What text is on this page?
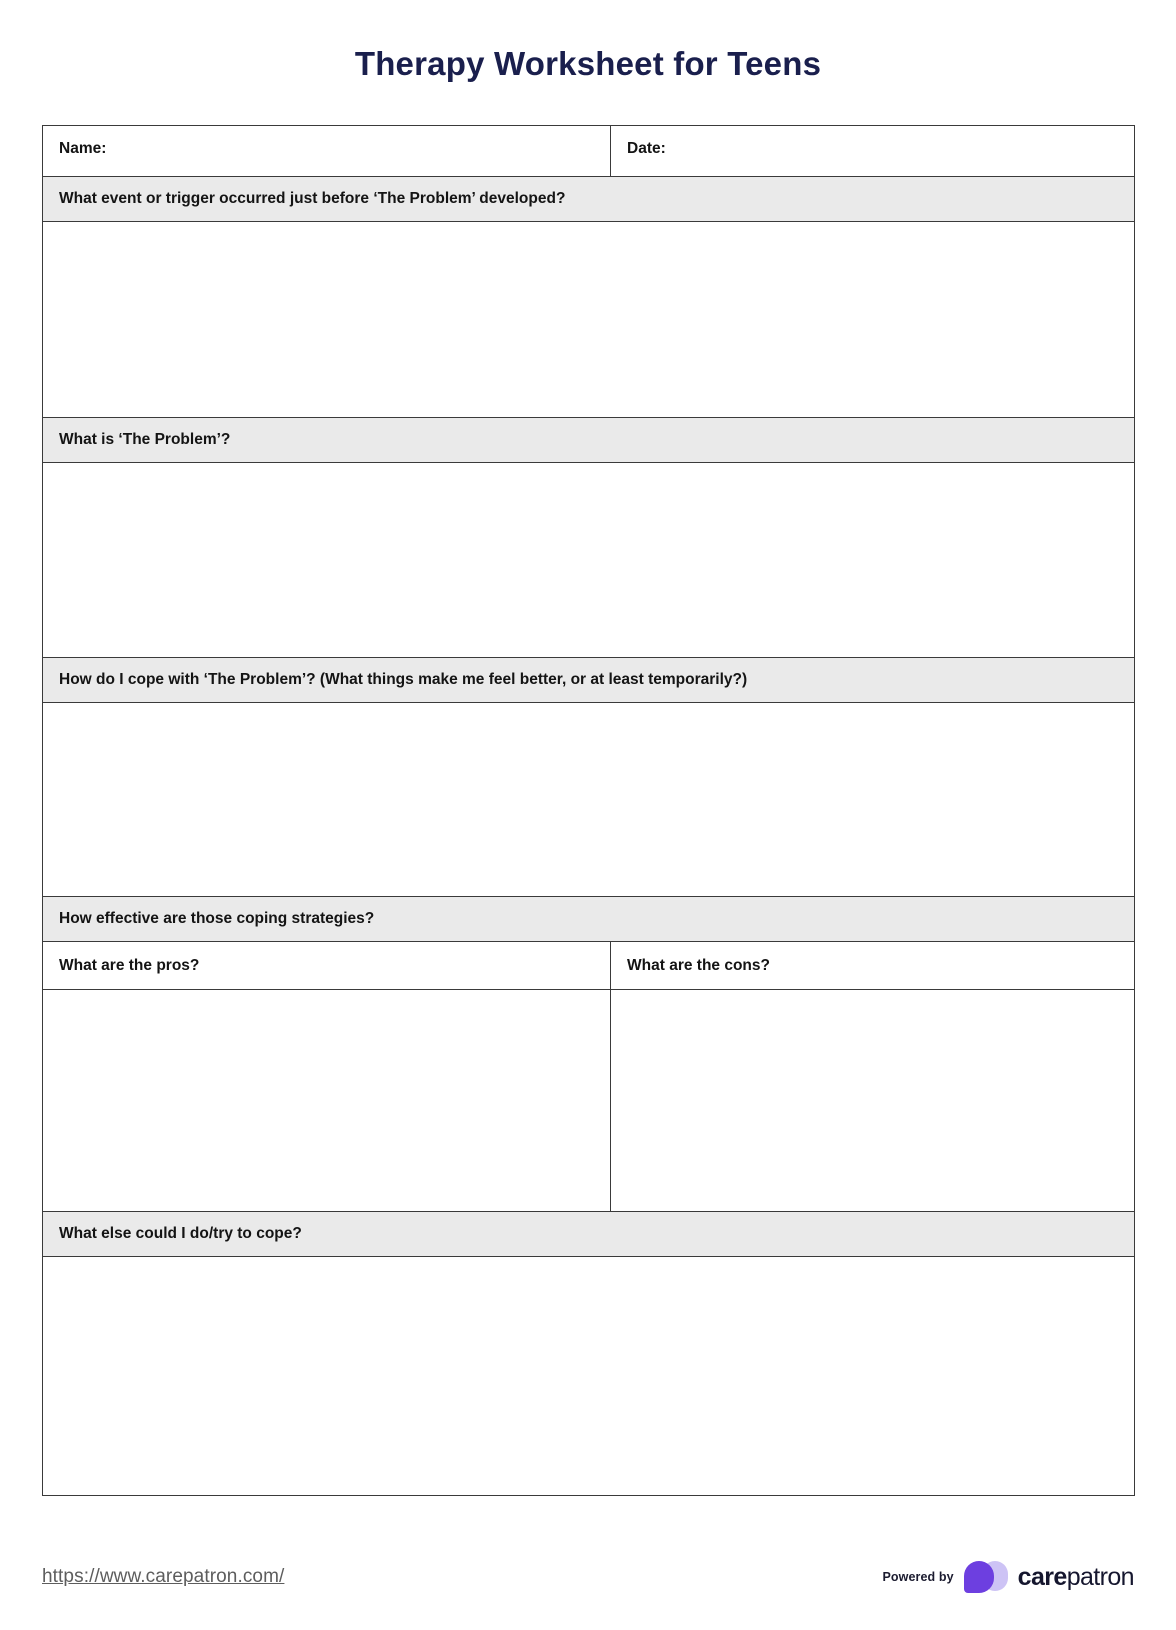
Therapy Worksheet for Teens
Name:	Date:
What event or trigger occurred just before ‘The Problem’ developed?	

What is ‘The Problem’?	

How do I cope with ‘The Problem’? (What things make me feel better, or at least temporarily?)	

How effective are those coping strategies?	
What are the pros?	What are the cons?

What else could I do/try to cope?	

https://www.carepatron.com/	Powered by	carepatron
